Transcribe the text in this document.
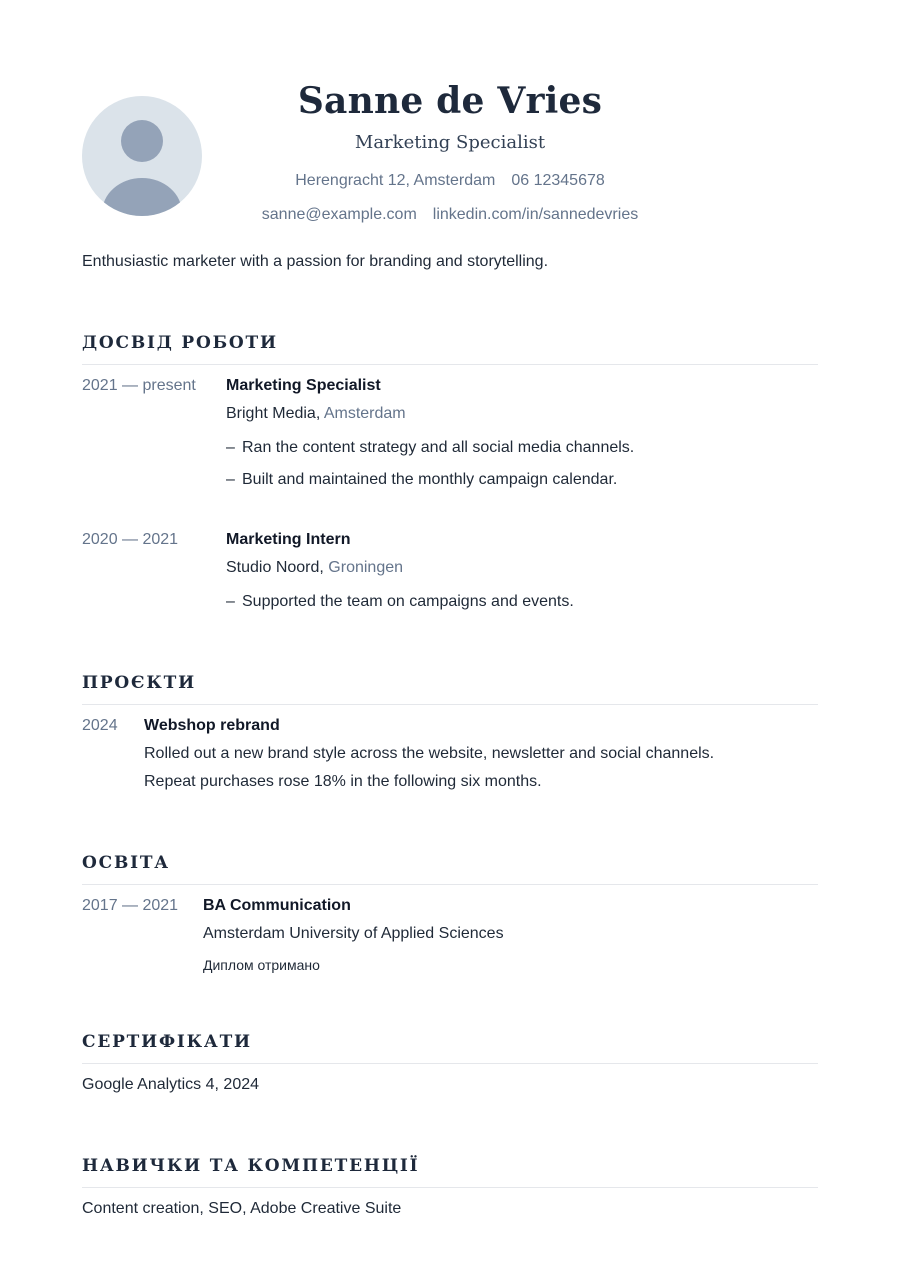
Sanne de Vries
Marketing Specialist
Herengracht 12, Amsterdam 06 12345678
sanne@example.com linkedin.com/in/sannedevries
Enthusiastic marketer with a passion for branding and storytelling.
ДОСВІД РОБОТИ
2021 — present Marketing Specialist
Bright Media, Amsterdam
– Ran the content strategy and all social media channels.
– Built and maintained the monthly campaign calendar.
2020 — 2021	Marketing Intern
Studio Noord, Groningen
– Supported the team on campaigns and events.
ПРОЄКТИ
2024 Webshop rebrand
Rolled out a new brand style across the website, newsletter and social channels.
Repeat purchases rose 18% in the following six months.
ОСВІТА
2017 — 2021 BA Communication
Amsterdam University of Applied Sciences
Диплом отримано
СЕРТИФІКАТИ
Google Analytics 4, 2024
НАВИЧКИ ТА КОМПЕТЕНЦІЇ
Content creation, SEO, Adobe Creative Suite
